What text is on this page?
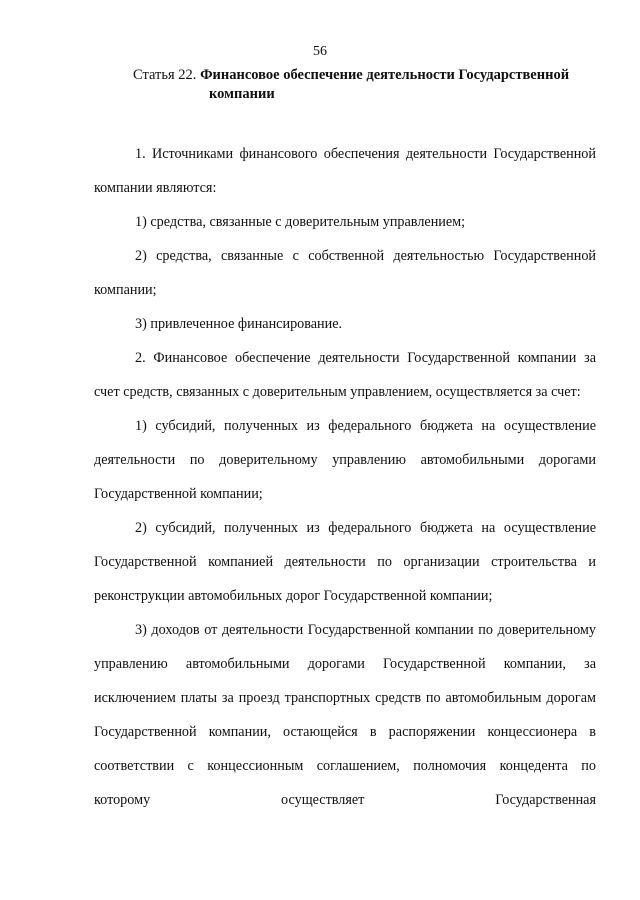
56
Статья 22. Финансовое обеспечение деятельности Государственной
компании

1. Источниками финансового обеспечения деятельности Государственной компании являются:

1) средства, связанные с доверительным управлением;

2) средства, связанные с собственной деятельностью Государственной компании;

3) привлеченное финансирование.

2. Финансовое обеспечение деятельности Государственной компании за счет средств, связанных с доверительным управлением, осуществляется за счет:

1) субсидий, полученных из федерального бюджета на осуществление деятельности по доверительному управлению автомобильными дорогами Государственной компании;

2) субсидий, полученных из федерального бюджета на осуществление Государственной компанией деятельности по организации строительства и реконструкции автомобильных дорог Государственной компании;

3) доходов от деятельности Государственной компании по доверительному управлению автомобильными дорогами Государственной компании, за исключением платы за проезд транспортных средств по автомобильным дорогам Государственной компании, остающейся в распоряжении концессионера в соответствии с концессионным соглашением, полномочия концедента по которому осуществляет Государственная
